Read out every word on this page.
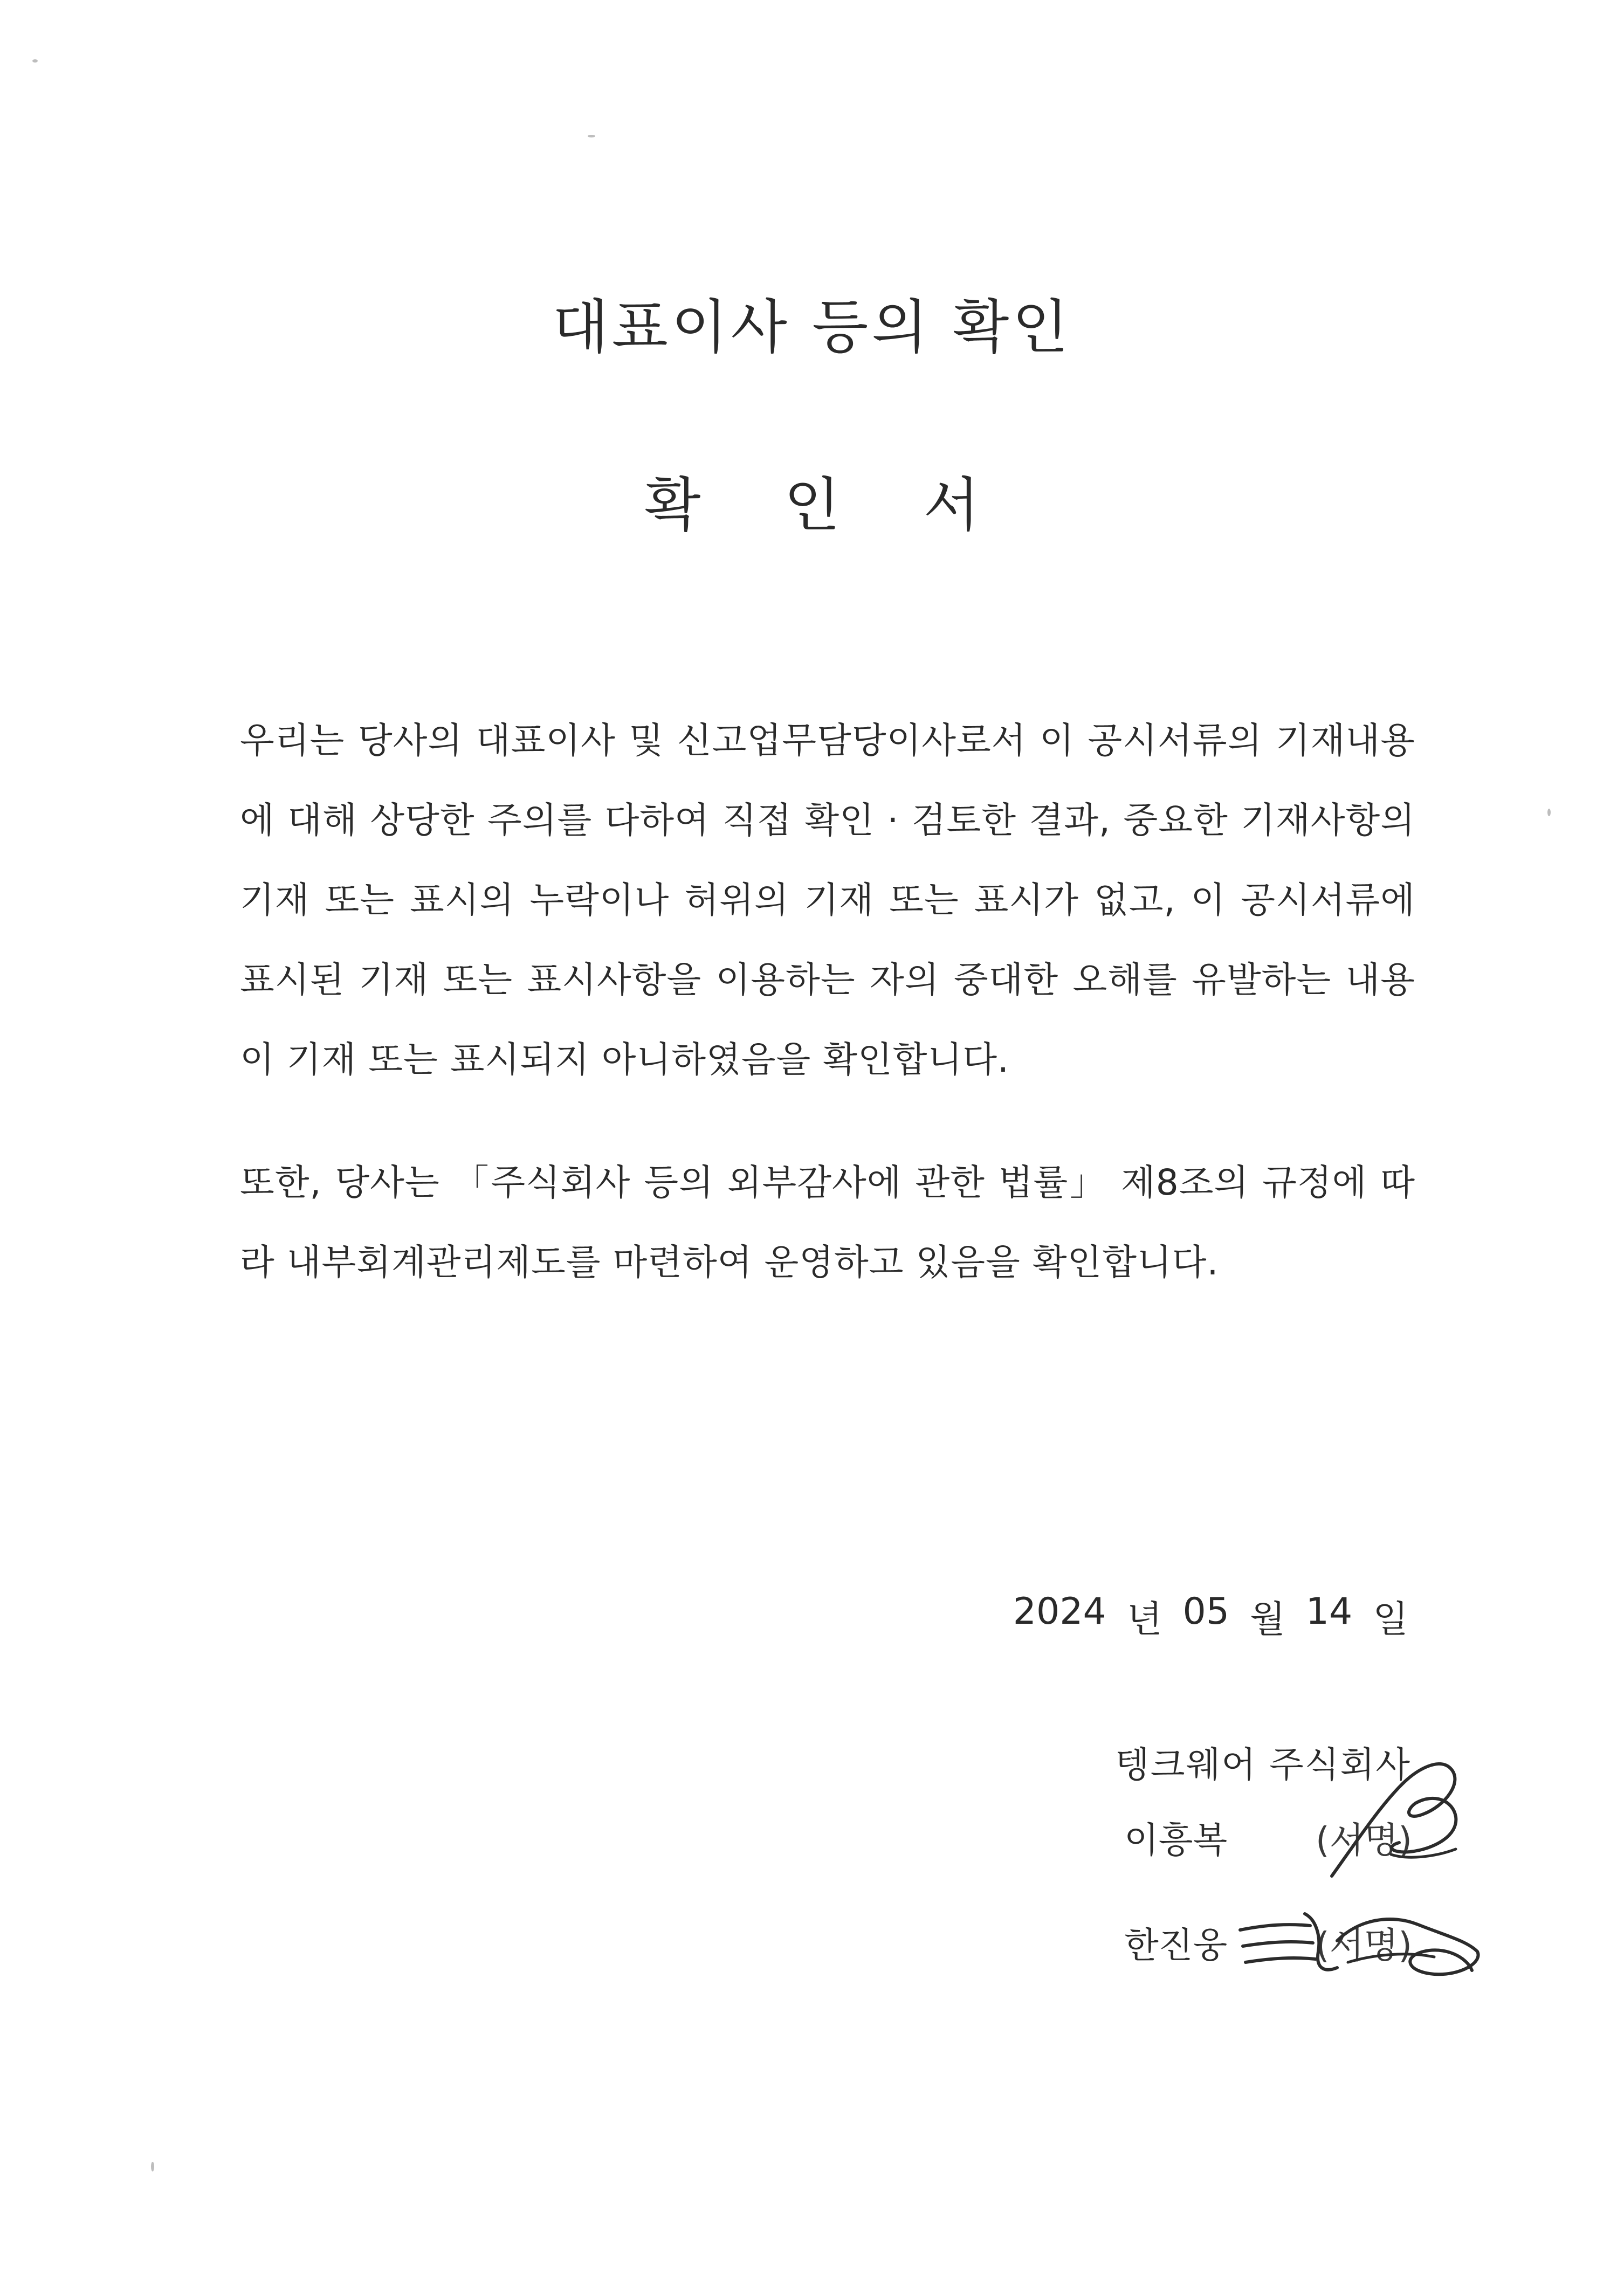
대표이사 등의 확인
확 인 서

우리는 당사의 대표이사 및 신고업무담당이사로서 이 공시서류의 기재내용에 대해 상당한 주의를 다하여 직접 확인 · 검토한 결과, 중요한 기재사항의 기재 또는 표시의 누락이나 허위의 기재 또는 표시가 없고, 이 공시서류에 표시된 기재 또는 표시사항을 이용하는 자의 중대한 오해를 유발하는 내용이 기재 또는 표시되지 아니하였음을 확인합니다.

또한, 당사는 「주식회사 등의 외부감사에 관한 법률」 제8조의 규정에 따라 내부회계관리제도를 마련하여 운영하고 있음을 확인합니다.

2024 년 05 월 14 일
텡크웨어 주식회사
이흥복 (서명)
한진웅 (서명)
